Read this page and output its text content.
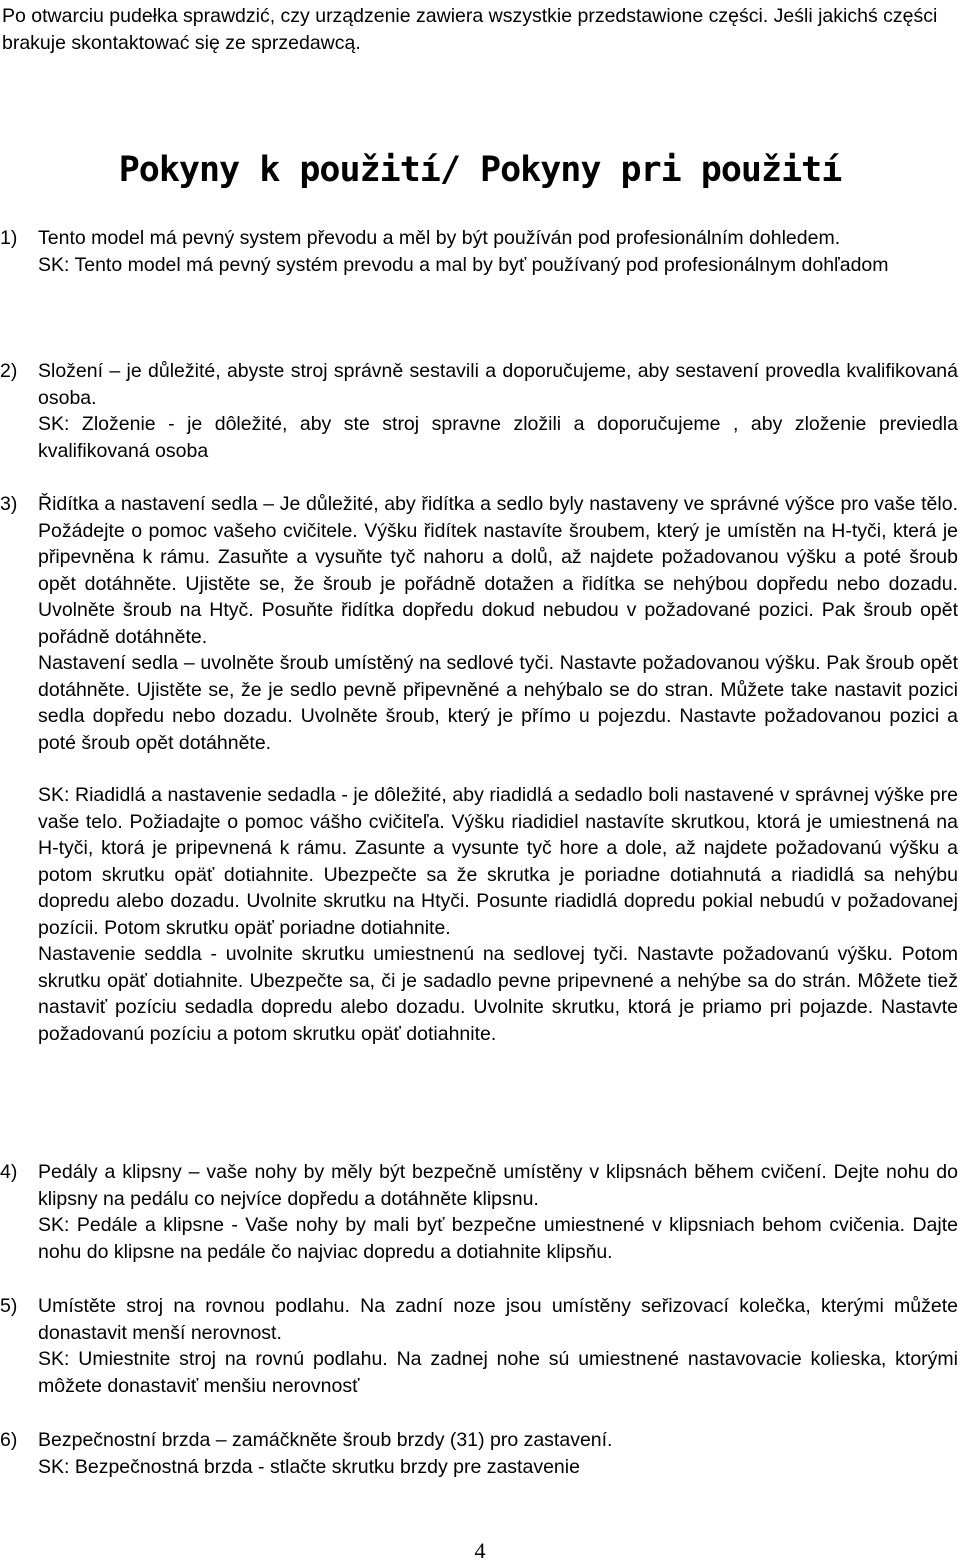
Po otwarciu pudełka sprawdzić, czy urządzenie zawiera wszystkie przedstawione części. Jeśli jakichś części brakuje skontaktować się ze sprzedawcą.
Pokyny k použití/ Pokyny pri použití
1)	Tento model má pevný system převodu a měl by být používán pod profesionálním dohledem.

SK: Tento model má pevný systém prevodu a mal by byť používaný pod profesionálnym dohľadom

2)	Složení – je důležité, abyste stroj správně sestavili a doporučujeme, aby sestavení provedla kvalifikovaná osoba.

SK: Zloženie - je dôležité, aby ste stroj spravne zložili a doporučujeme , aby zloženie previedla kvalifikovaná osoba

3)	Řidítka a nastavení sedla – Je důležité, aby řidítka a sedlo byly nastaveny ve správné výšce pro vaše tělo. Požádejte o pomoc vašeho cvičitele. Výšku řidítek nastavíte šroubem, který je umístěn na H-tyči, která je připevněna k rámu. Zasuňte a vysuňte tyč nahoru a dolů, až najdete požadovanou výšku a poté šroub opět dotáhněte. Ujistěte se, že šroub je pořádně dotažen a řidítka se nehýbou dopředu nebo dozadu. Uvolněte šroub na Htyč. Posuňte řidítka dopředu dokud nebudou v požadované pozici. Pak šroub opět pořádně dotáhněte.

Nastavení sedla – uvolněte šroub umístěný na sedlové tyči. Nastavte požadovanou výšku. Pak šroub opět dotáhněte. Ujistěte se, že je sedlo pevně připevněné a nehýbalo se do stran. Můžete take nastavit pozici sedla dopředu nebo dozadu. Uvolněte šroub, který je přímo u pojezdu. Nastavte požadovanou pozici a poté šroub opět dotáhněte.

SK: Riadidlá a nastavenie sedadla - je dôležité, aby riadidlá a sedadlo boli nastavené v správnej výške pre vaše telo. Požiadajte o pomoc vášho cvičiteľa. Výšku riadidiel nastavíte skrutkou, ktorá je umiestnená na H-tyči, ktorá je pripevnená k rámu. Zasunte a vysunte tyč hore a dole, až najdete požadovanú výšku a potom skrutku opäť dotiahnite. Ubezpečte sa že skrutka je poriadne dotiahnutá a riadidlá sa nehýbu dopredu alebo dozadu. Uvolnite skrutku na Htyči. Posunte riadidlá dopredu pokial nebudú v požadovanej pozícii. Potom skrutku opäť poriadne dotiahnite.

Nastavenie seddla - uvolnite skrutku umiestnenú na sedlovej tyči. Nastavte požadovanú výšku. Potom skrutku opäť dotiahnite. Ubezpečte sa, či je sadadlo pevne pripevnené a nehýbe sa do strán. Môžete tiež nastaviť pozíciu sedadla dopredu alebo dozadu. Uvolnite skrutku, ktorá je priamo pri pojazde. Nastavte požadovanú pozíciu a potom skrutku opäť dotiahnite.

4)	Pedály a klipsny – vaše nohy by měly být bezpečně umístěny v klipsnách během cvičení. Dejte nohu do klipsny na pedálu co nejvíce dopředu a dotáhněte klipsnu.

SK: Pedále a klipsne - Vaše nohy by mali byť bezpečne umiestnené v klipsniach behom cvičenia. Dajte nohu do klipsne na pedále čo najviac dopredu a dotiahnite klipsňu.

5)	Umístěte stroj na rovnou podlahu. Na zadní noze jsou umístěny seřizovací kolečka, kterými můžete donastavit menší nerovnost.

SK: Umiestnite stroj na rovnú podlahu. Na zadnej nohe sú umiestnené nastavovacie kolieska, ktorými môžete donastaviť menšiu nerovnosť

6)	Bezpečnostní brzda – zamáčkněte šroub brzdy (31) pro zastavení.

SK: Bezpečnostná brzda - stlačte skrutku brzdy pre zastavenie

4
